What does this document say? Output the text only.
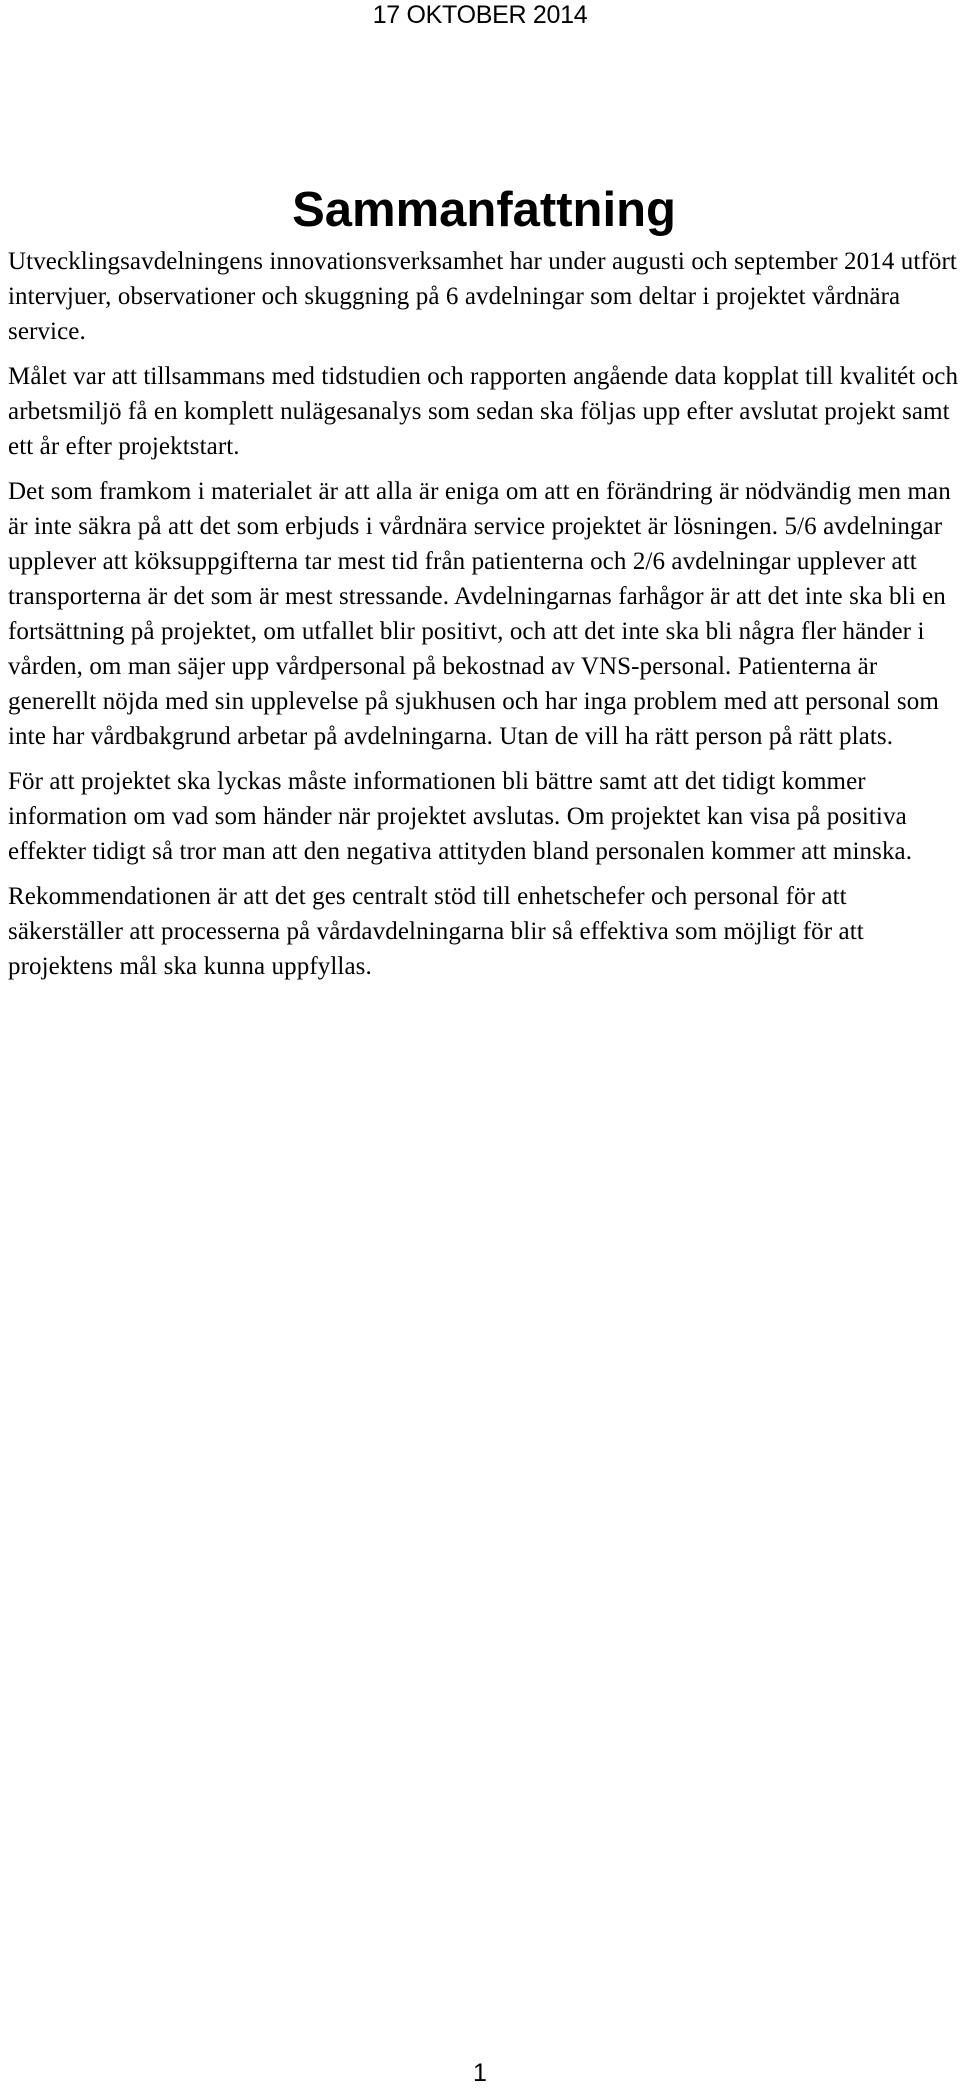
17 OKTOBER 2014
Sammanfattning

Utvecklingsavdelningens innovationsverksamhet har under augusti och september 2014 utfört intervjuer, observationer och skuggning på 6 avdelningar som deltar i projektet vårdnära service.

Målet var att tillsammans med tidstudien och rapporten angående data kopplat till kvalitét och arbetsmiljö få en komplett nulägesanalys som sedan ska följas upp efter avslutat projekt samt ett år efter projektstart.

Det som framkom i materialet är att alla är eniga om att en förändring är nödvändig men man är inte säkra på att det som erbjuds i vårdnära service projektet är lösningen. 5/6 avdelningar upplever att köksuppgifterna tar mest tid från patienterna och 2/6 avdelningar upplever att transporterna är det som är mest stressande. Avdelningarnas farhågor är att det inte ska bli en fortsättning på projektet, om utfallet blir positivt, och att det inte ska bli några fler händer i vården, om man säjer upp vårdpersonal på bekostnad av VNS-personal. Patienterna är generellt nöjda med sin upplevelse på sjukhusen och har inga problem med att personal som inte har vårdbakgrund arbetar på avdelningarna. Utan de vill ha rätt person på rätt plats.

För att projektet ska lyckas måste informationen bli bättre samt att det tidigt kommer information om vad som händer när projektet avslutas. Om projektet kan visa på positiva effekter tidigt så tror man att den negativa attityden bland personalen kommer att minska.

Rekommendationen är att det ges centralt stöd till enhetschefer och personal för att säkerställer att processerna på vårdavdelningarna blir så effektiva som möjligt för att projektens mål ska kunna uppfyllas.

1
